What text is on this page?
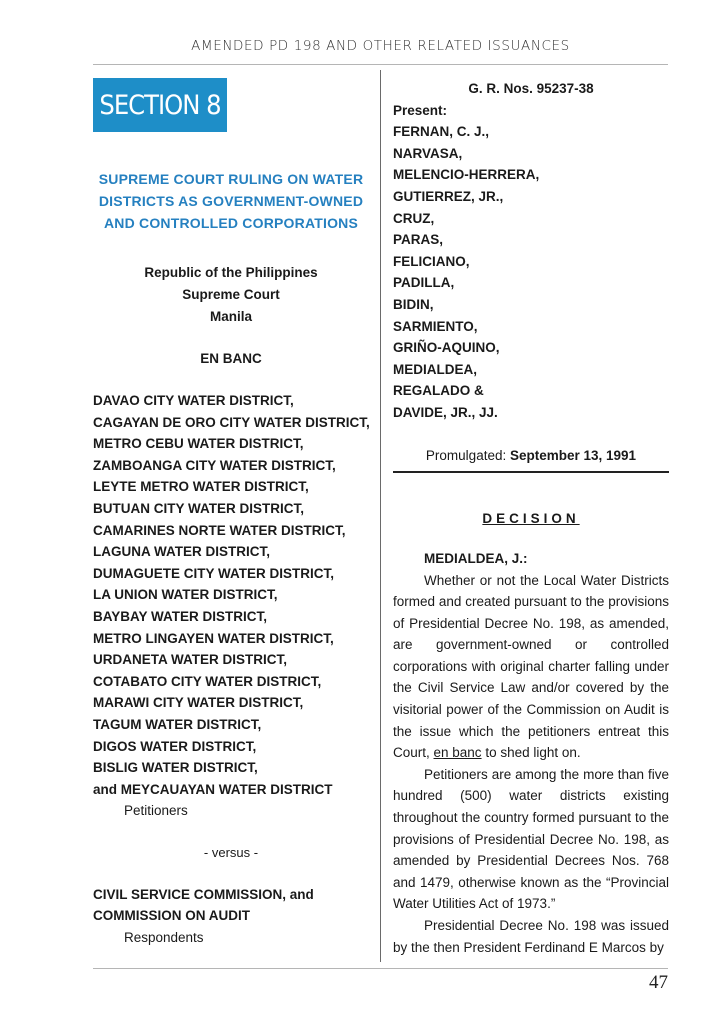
AMENDED PD 198 AND OTHER RELATED ISSUANCES
SECTION 8
SUPREME COURT RULING ON WATER
DISTRICTS AS GOVERNMENT-OWNED
AND CONTROLLED CORPORATIONS
Republic of the Philippines
Supreme Court
Manila
EN BANC
DAVAO CITY WATER DISTRICT,
CAGAYAN DE ORO CITY WATER DISTRICT,
METRO CEBU WATER DISTRICT,
ZAMBOANGA CITY WATER DISTRICT,
LEYTE METRO WATER DISTRICT,
BUTUAN CITY WATER DISTRICT,
CAMARINES NORTE WATER DISTRICT,
LAGUNA WATER DISTRICT,
DUMAGUETE CITY WATER DISTRICT,
LA UNION WATER DISTRICT,
BAYBAY WATER DISTRICT,
METRO LINGAYEN WATER DISTRICT,
URDANETA WATER DISTRICT,
COTABATO CITY WATER DISTRICT,
MARAWI CITY WATER DISTRICT,
TAGUM WATER DISTRICT,
DIGOS WATER DISTRICT,
BISLIG WATER DISTRICT,
and MEYCAUAYAN WATER DISTRICT
Petitioners
- versus -
CIVIL SERVICE COMMISSION, and
COMMISSION ON AUDIT
Respondents
G. R. Nos. 95237-38
Present:
FERNAN, C. J.,
NARVASA,
MELENCIO-HERRERA,
GUTIERREZ, JR.,
CRUZ,
PARAS,
FELICIANO,
PADILLA,
BIDIN,
SARMIENTO,
GRIÑO-AQUINO,
MEDIALDEA,
REGALADO &
DAVIDE, JR., JJ.
Promulgated: September 13, 1991
DECISION
MEDIALDEA, J.:

Whether or not the Local Water Districts formed and created pursuant to the provisions of Presidential Decree No. 198, as amended, are government-owned or controlled corporations with original charter falling under the Civil Service Law and/or covered by the visitorial power of the Commission on Audit is the issue which the petitioners entreat this Court, en banc to shed light on.

Petitioners are among the more than five hundred (500) water districts existing throughout the country formed pursuant to the provisions of Presidential Decree No. 198, as amended by Presidential Decrees Nos. 768 and 1479, otherwise known as the “Provincial Water Utilities Act of 1973.”

Presidential Decree No. 198 was issued by the then President Ferdinand E Marcos by

47
